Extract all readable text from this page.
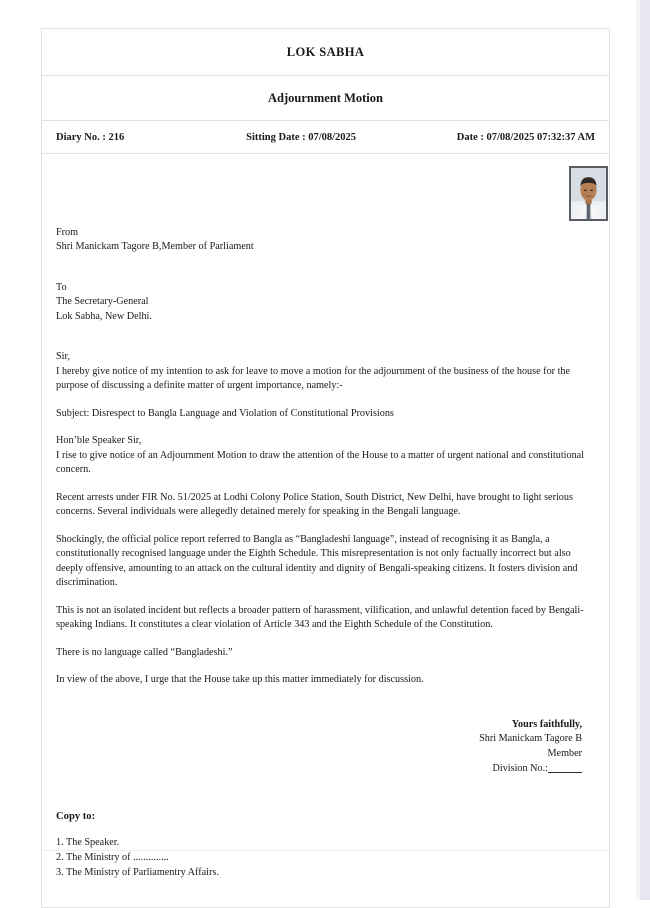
LOK SABHA
Adjournment Motion
Diary No. : 216	Sitting Date : 07/08/2025	Date : 07/08/2025 07:32:37 AM
From
Shri Manickam Tagore B,Member of Parliament
To
The Secretary-General
Lok Sabha, New Delhi.
Sir,
I hereby give notice of my intention to ask for leave to move a motion for the adjournment of the business of the house for the purpose of discussing a definite matter of urgent importance, namely:-
Subject: Disrespect to Bangla Language and Violation of Constitutional Provisions
Hon’ble Speaker Sir,
I rise to give notice of an Adjournment Motion to draw the attention of the House to a matter of urgent national and constitutional concern.
Recent arrests under FIR No. 51/2025 at Lodhi Colony Police Station, South District, New Delhi, have brought to light serious concerns. Several individuals were allegedly detained merely for speaking in the Bengali language.
Shockingly, the official police report referred to Bangla as “Bangladeshi language”, instead of recognising it as Bangla, a constitutionally recognised language under the Eighth Schedule. This misrepresentation is not only factually incorrect but also deeply offensive, amounting to an attack on the cultural identity and dignity of Bengali-speaking citizens. It fosters division and discrimination.
This is not an isolated incident but reflects a broader pattern of harassment, vilification, and unlawful detention faced by Bengali-speaking Indians. It constitutes a clear violation of Article 343 and the Eighth Schedule of the Constitution.
There is no language called “Bangladeshi.”
In view of the above, I urge that the House take up this matter immediately for discussion.
Yours faithfully,
Shri Manickam Tagore B
Member
Division No.:
Copy to:
1. The Speaker.
2. The Ministry of ..............
3. The Ministry of Parliamentry Affairs.
